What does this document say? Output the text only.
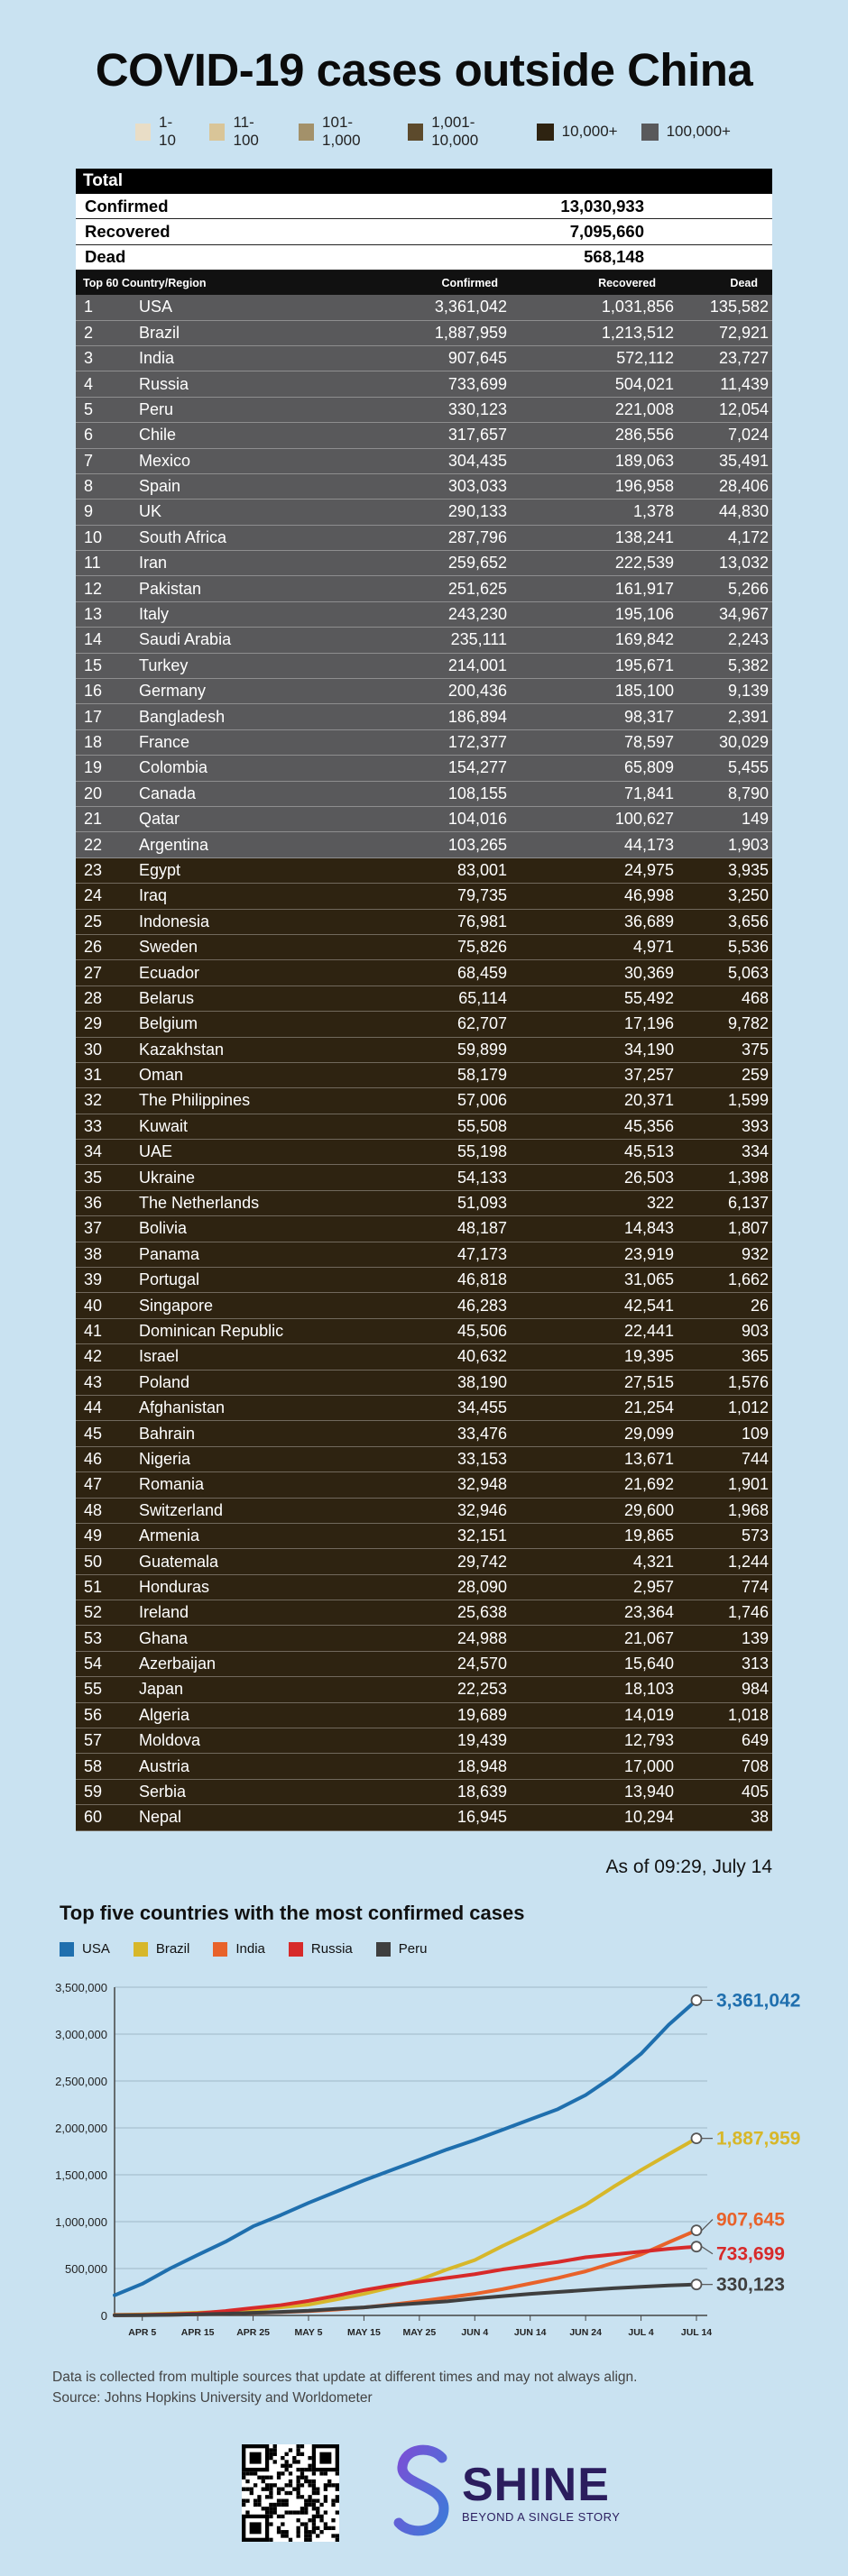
COVID-19 cases outside China
1-10
11-100
101-1,000
1,001-10,000
10,000+	100,000+
Total
Confirmed	13,030,933
Recovered	7,095,660
Dead	568,148
Top 60 Country/Region	Confirmed	Recovered	Dead
1	USA	3,361,042	1,031,856	135,582
2	Brazil	1,887,959	1,213,512	72,921
3	India	907,645	572,112	23,727
4	Russia	733,699	504,021	11,439
5	Peru	330,123	221,008	12,054
6	Chile	317,657	286,556	7,024
7	Mexico	304,435	189,063	35,491
8	Spain	303,033	196,958	28,406
9	UK	290,133	1,378	44,830
10	South Africa	287,796	138,241	4,172
11	Iran	259,652	222,539	13,032
12	Pakistan	251,625	161,917	5,266
13	Italy	243,230	195,106	34,967
14	Saudi Arabia	235,111	169,842	2,243
15	Turkey	214,001	195,671	5,382
16	Germany	200,436	185,100	9,139
17	Bangladesh	186,894	98,317	2,391
18	France	172,377	78,597	30,029
19	Colombia	154,277	65,809	5,455
20	Canada	108,155	71,841	8,790
21	Qatar	104,016	100,627	149
22	Argentina	103,265	44,173	1,903
23	Egypt	83,001	24,975	3,935
24	Iraq	79,735	46,998	3,250
25	Indonesia	76,981	36,689	3,656
26	Sweden	75,826	4,971	5,536
27	Ecuador	68,459	30,369	5,063
28	Belarus	65,114	55,492	468
29	Belgium	62,707	17,196	9,782
30	Kazakhstan	59,899	34,190	375
31	Oman	58,179	37,257	259
32	The Philippines	57,006	20,371	1,599
33	Kuwait	55,508	45,356	393
34	UAE	55,198	45,513	334
35	Ukraine	54,133	26,503	1,398
36	The Netherlands	51,093	322	6,137
37	Bolivia	48,187	14,843	1,807
38	Panama	47,173	23,919	932
39	Portugal	46,818	31,065	1,662
40	Singapore	46,283	42,541	26
41	Dominican Republic	45,506	22,441	903
42	Israel	40,632	19,395	365
43	Poland	38,190	27,515	1,576
44	Afghanistan	34,455	21,254	1,012
45	Bahrain	33,476	29,099	109
46	Nigeria	33,153	13,671	744
47	Romania	32,948	21,692	1,901
48	Switzerland	32,946	29,600	1,968
49	Armenia	32,151	19,865	573
50	Guatemala	29,742	4,321	1,244
51	Honduras	28,090	2,957	774
52	Ireland	25,638	23,364	1,746
53	Ghana	24,988	21,067	139
54	Azerbaijan	24,570	15,640	313
55	Japan	22,253	18,103	984
56	Algeria	19,689	14,019	1,018
57	Moldova	19,439	12,793	649
58	Austria	18,948	17,000	708
59	Serbia	18,639	13,940	405
60	Nepal	16,945	10,294	38
As of 09:29, July 14
Top five countries with the most confirmed cases
USA	Brazil	India	Russia	Peru
0
500,000
1,000,000
1,500,000
2,000,000
2,500,000
3,000,000
3,500,000
APR 5	APR 15 APR 25	MAY 5	MAY 15 MAY 25	JUN 4	JUN 14 JUN 24	JUL 4	JUL 14
3,361,042
1,887,959
907,645
733,699
330,123
Data is collected from multiple sources that update at different times and may not always align.
Source: Johns Hopkins University and Worldometer
SHINE
BEYOND A SINGLE STORY
